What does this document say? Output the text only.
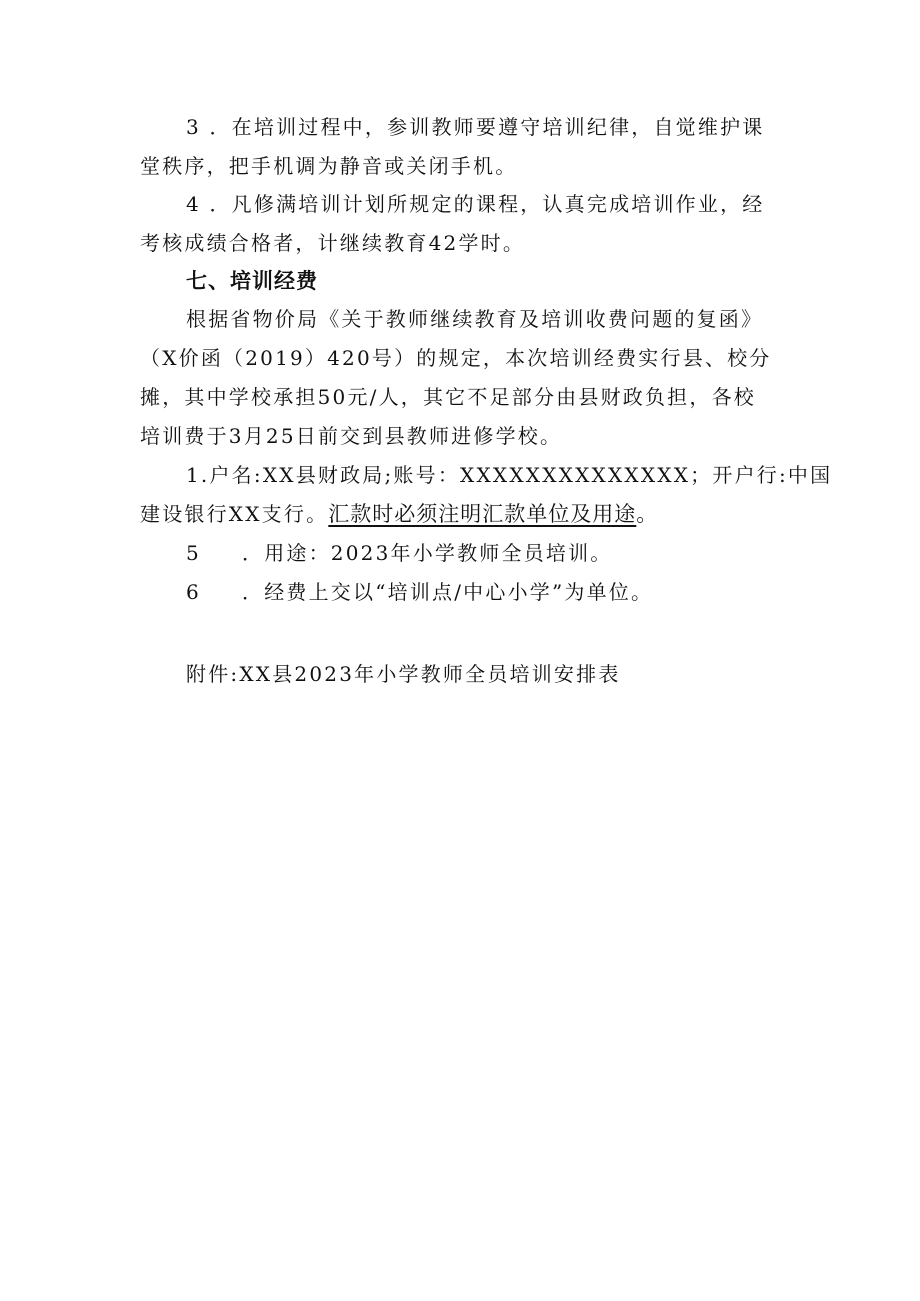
3 ．在培训过程中，参训教师要遵守培训纪律，自觉维护课
堂秩序，把手机调为静音或关闭手机。
4 ．凡修满培训计划所规定的课程，认真完成培训作业，经
考核成绩合格者，计继续教育42学时。
七、培训经费
根据省物价局《关于教师继续教育及培训收费问题的复函》
（X价函（2019）420号）的规定，本次培训经费实行县、校分
摊，其中学校承担50元/人，其它不足部分由县财政负担，各校
培训费于3月25日前交到县教师进修学校。
1.户名:XX县财政局;账号：XXXXXXXXXXXXXX；开户行:中国
建设银行XX支行。汇款时必须注明汇款单位及用途。
5 ．用途：2023年小学教师全员培训。
6 ．经费上交以“培训点/中心小学”为单位。
附件:XX县2023年小学教师全员培训安排表
